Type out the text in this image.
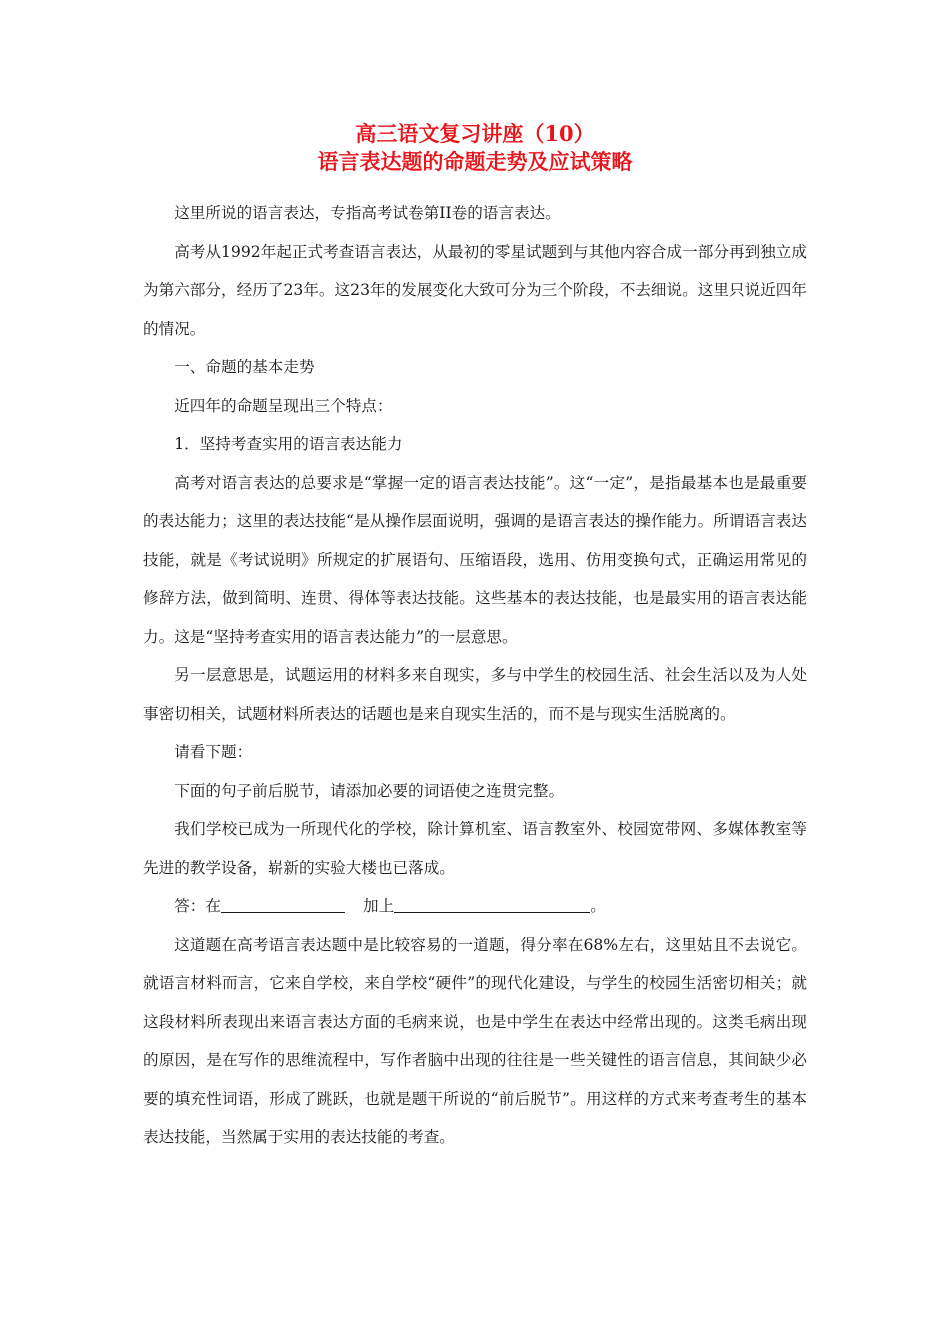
高三语文复习讲座（10）
语言表达题的命题走势及应试策略

这里所说的语言表达，专指高考试卷第II卷的语言表达。

高考从1992年起正式考查语言表达，从最初的零星试题到与其他内容合成一部分再到独立成为第六部分，经历了23年。这23年的发展变化大致可分为三个阶段，不去细说。这里只说近四年的情况。

一、命题的基本走势

近四年的命题呈现出三个特点：

1．坚持考查实用的语言表达能力

高考对语言表达的总要求是“掌握一定的语言表达技能”。这“一定”，是指最基本也是最重要的表达能力；这里的表达技能“是从操作层面说明，强调的是语言表达的操作能力。所谓语言表达技能，就是《考试说明》所规定的扩展语句、压缩语段，选用、仿用变换句式，正确运用常见的修辞方法，做到简明、连贯、得体等表达技能。这些基本的表达技能，也是最实用的语言表达能力。这是“坚持考查实用的语言表达能力”的一层意思。

另一层意思是，试题运用的材料多来自现实，多与中学生的校园生活、社会生活以及为人处事密切相关，试题材料所表达的话题也是来自现实生活的，而不是与现实生活脱离的。

请看下题：

下面的句子前后脱节，请添加必要的词语使之连贯完整。

我们学校已成为一所现代化的学校，除计算机室、语言教室外、校园宽带网、多媒体教室等先进的教学设备，崭新的实验大楼也已落成。

答：在	加上	。

这道题在高考语言表达题中是比较容易的一道题，得分率在68%左右，这里姑且不去说它。就语言材料而言，它来自学校，来自学校“硬件”的现代化建设，与学生的校园生活密切相关；就这段材料所表现出来语言表达方面的毛病来说，也是中学生在表达中经常出现的。这类毛病出现的原因，是在写作的思维流程中，写作者脑中出现的往往是一些关键性的语言信息，其间缺少必要的填充性词语，形成了跳跃，也就是题干所说的“前后脱节”。用这样的方式来考查考生的基本表达技能，当然属于实用的表达技能的考查。
